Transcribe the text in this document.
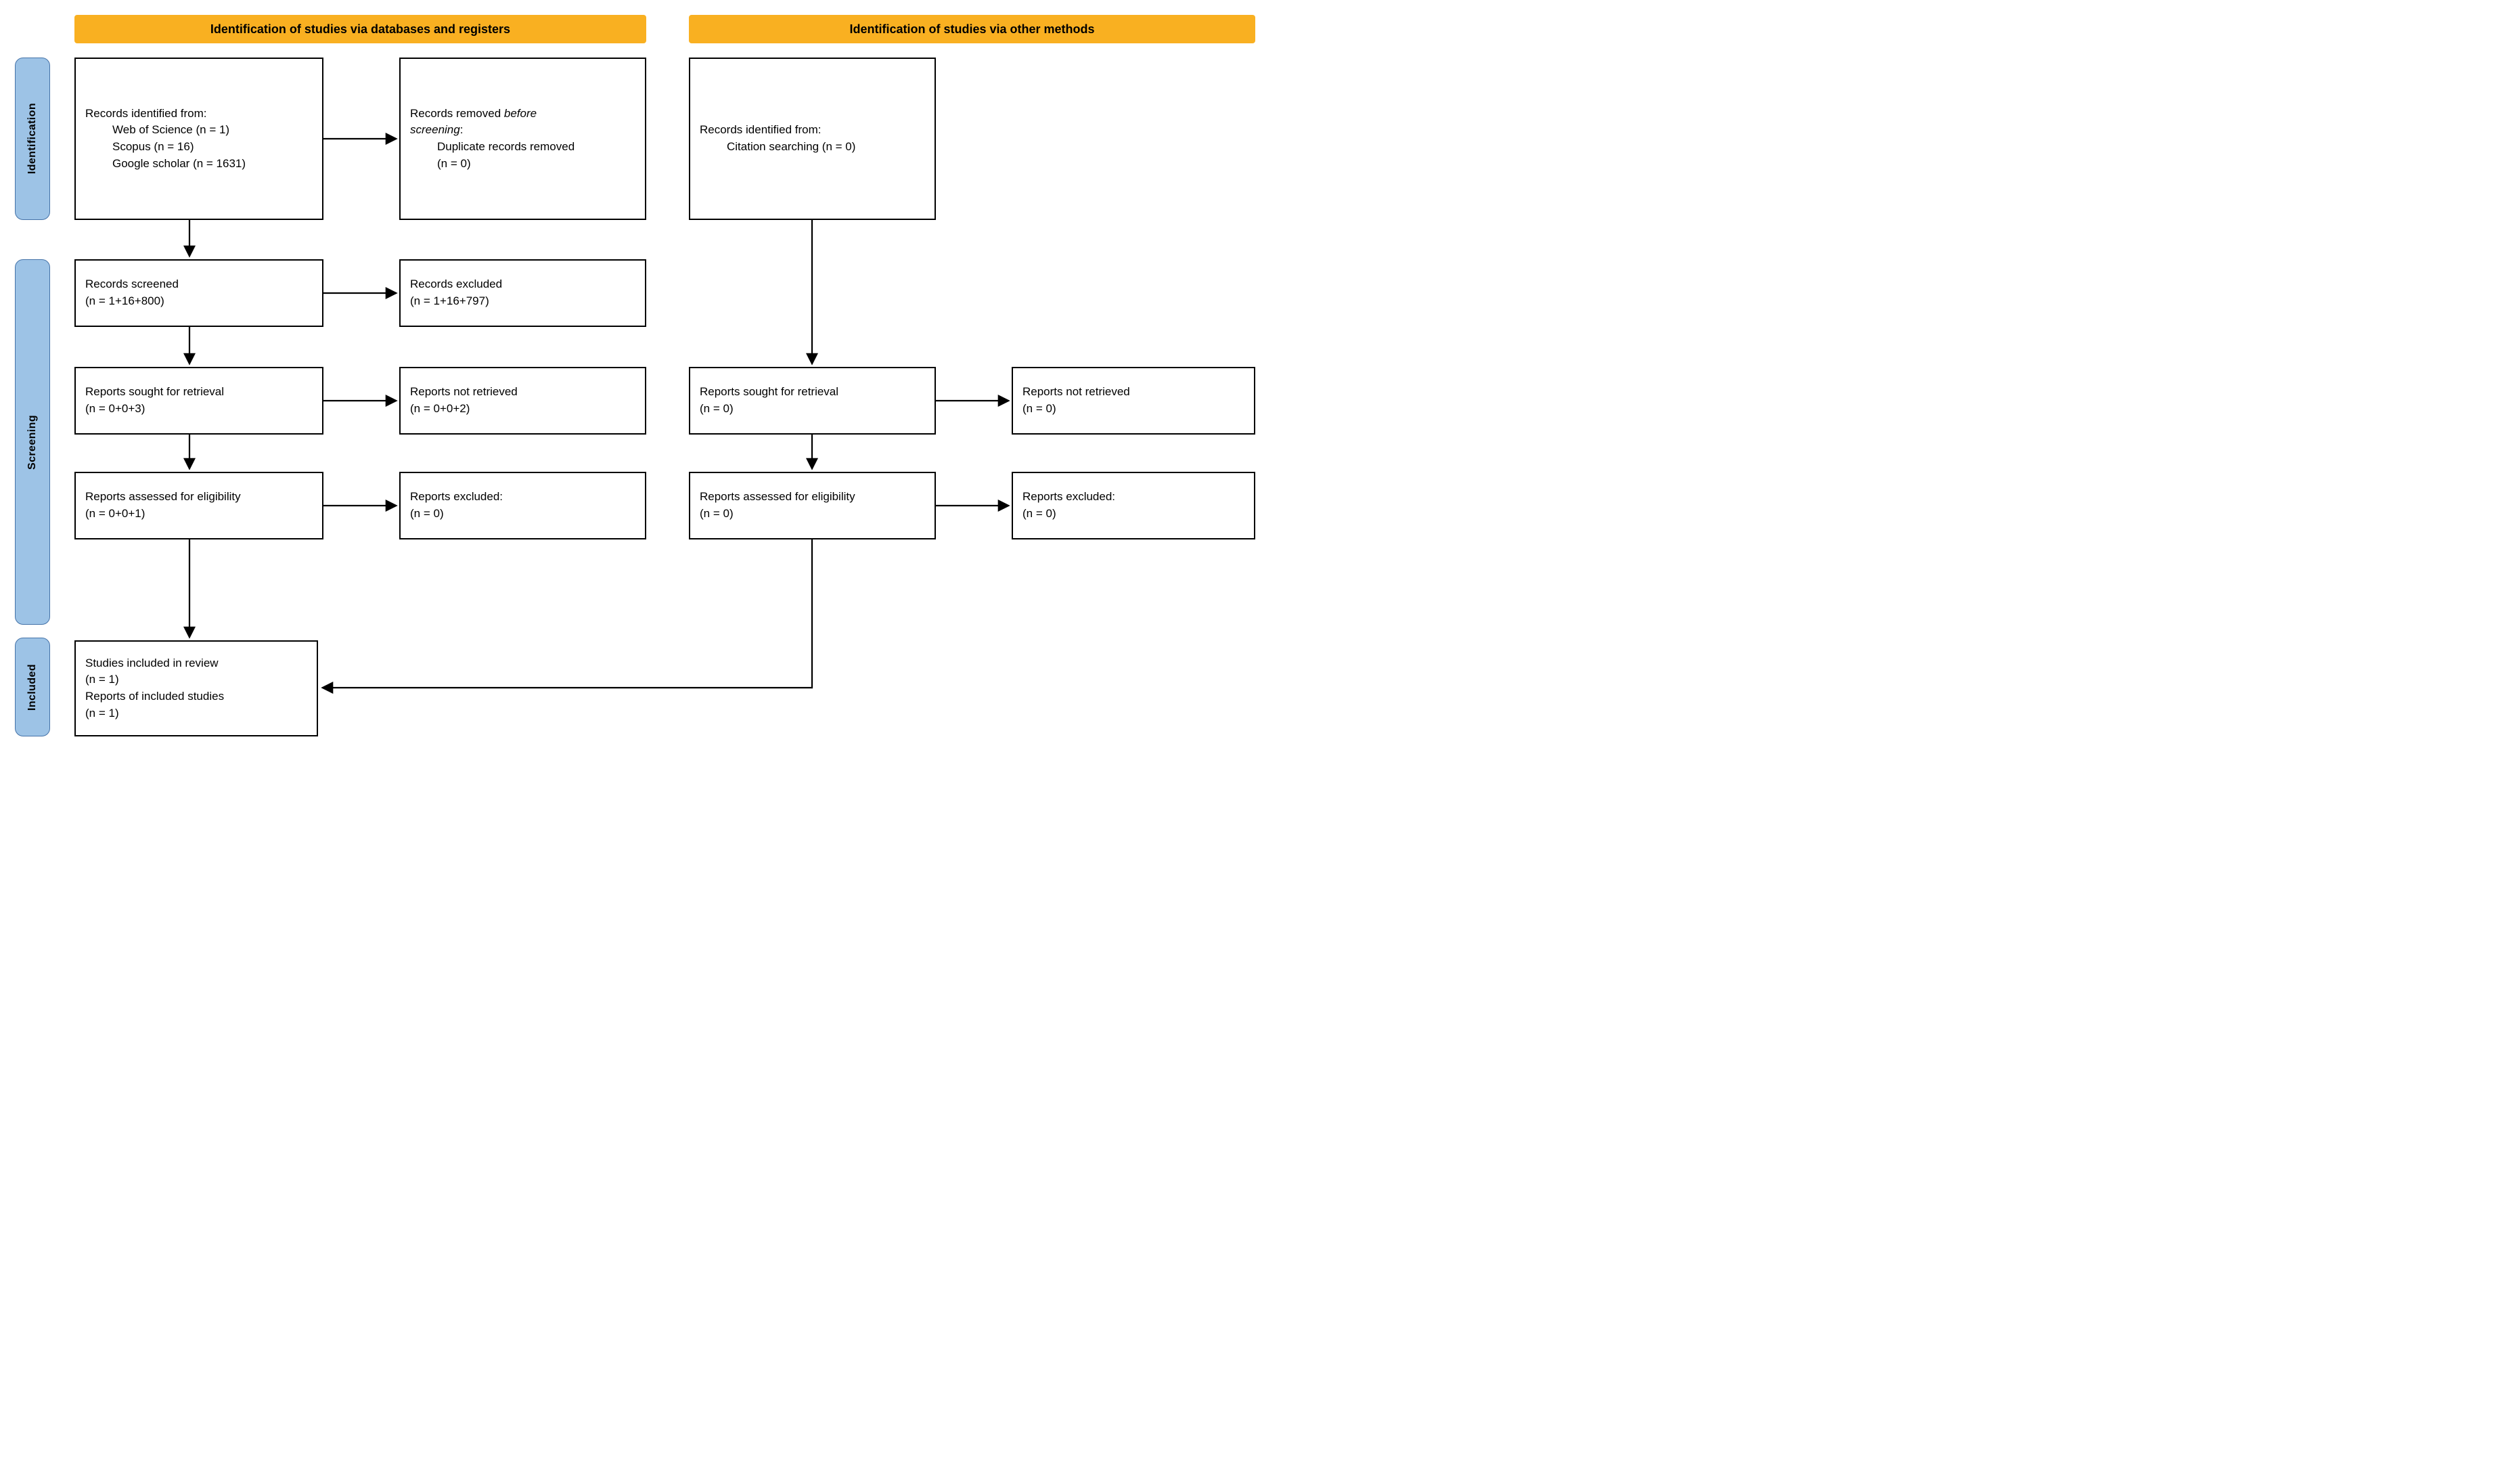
Identification of studies via databases and registers	Identification of studies via other methods
Identification
Screening
Included
Records identified from:
Web of Science (n = 1)
Scopus (n = 16)
Google scholar (n = 1631)
Records screened
(n = 1+16+800)
Reports sought for retrieval
(n = 0+0+3)
Reports assessed for eligibility
(n = 0+0+1)
Studies included in review
(n = 1)
Reports of included studies
(n = 1)
Records removed before
screening:
Duplicate records removed
(n = 0)
Records excluded
(n = 1+16+797)
Reports not retrieved
(n = 0+0+2)
Reports excluded:
(n = 0)
Records identified from:
Citation searching (n = 0)
Reports sought for retrieval
(n = 0)
Reports assessed for eligibility
(n = 0)
Reports not retrieved
(n = 0)
Reports excluded:
(n = 0)
